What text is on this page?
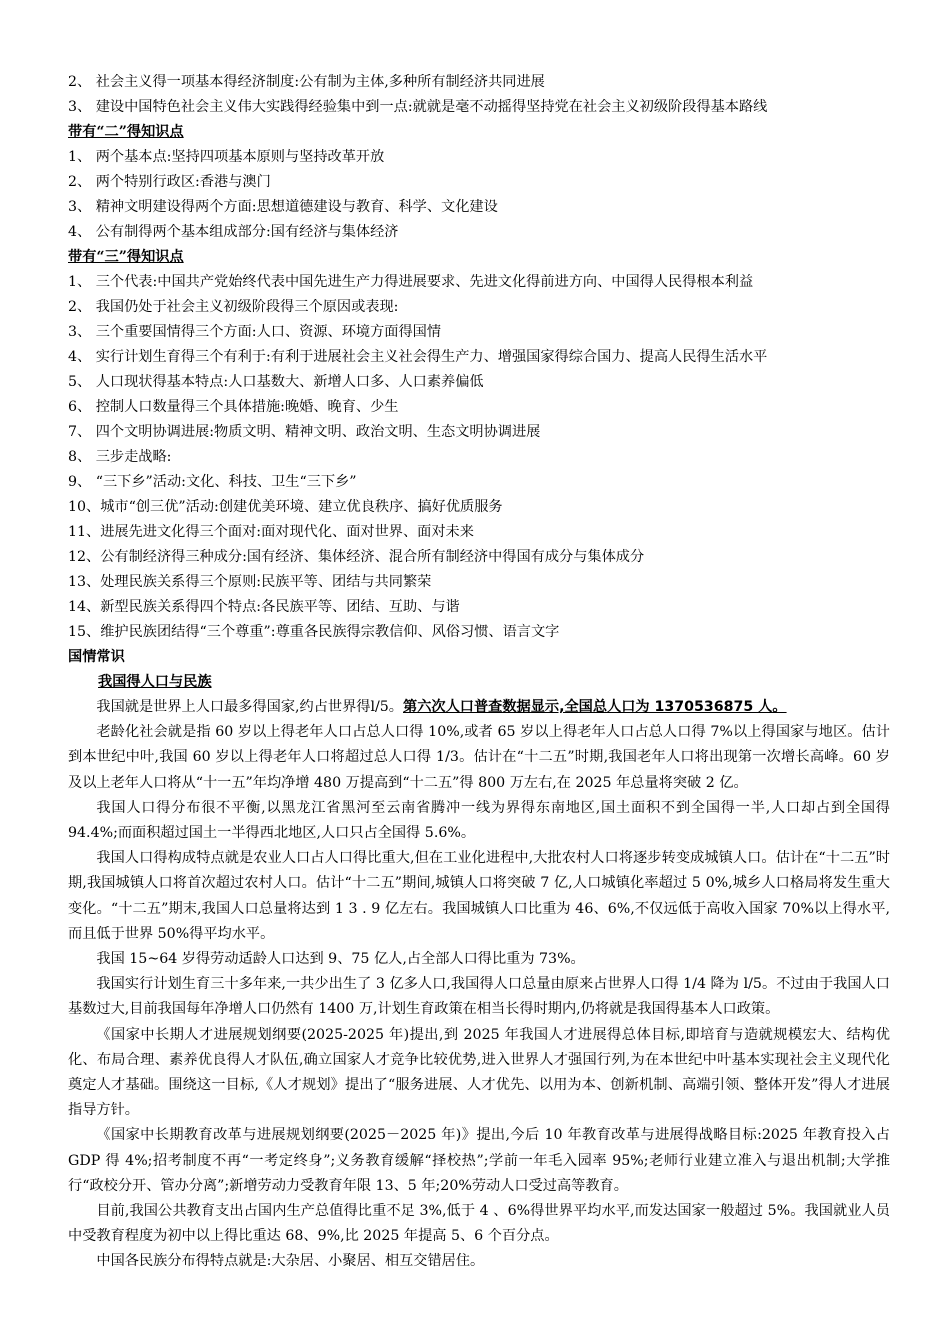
2、 社会主义得一项基本得经济制度:公有制为主体,多种所有制经济共同进展
3、 建设中国特色社会主义伟大实践得经验集中到一点:就就是毫不动摇得坚持党在社会主义初级阶段得基本路线
带有“二”得知识点
1、 两个基本点:坚持四项基本原则与坚持改革开放
2、 两个特别行政区:香港与澳门
3、 精神文明建设得两个方面:思想道德建设与教育、科学、文化建设
4、 公有制得两个基本组成部分:国有经济与集体经济
带有“三”得知识点
1、 三个代表:中国共产党始终代表中国先进生产力得进展要求、先进文化得前进方向、中国得人民得根本利益
2、 我国仍处于社会主义初级阶段得三个原因或表现:
3、 三个重要国情得三个方面:人口、资源、环境方面得国情
4、 实行计划生育得三个有利于:有利于进展社会主义社会得生产力、增强国家得综合国力、提高人民得生活水平
5、 人口现状得基本特点:人口基数大、新增人口多、人口素养偏低
6、 控制人口数量得三个具体措施:晚婚、晚育、少生
7、 四个文明协调进展:物质文明、精神文明、政治文明、生态文明协调进展
8、 三步走战略:
9、 “三下乡”活动:文化、科技、卫生“三下乡”
10、城市“创三优”活动:创建优美环境、建立优良秩序、搞好优质服务
11、进展先进文化得三个面对:面对现代化、面对世界、面对未来
12、公有制经济得三种成分:国有经济、集体经济、混合所有制经济中得国有成分与集体成分
13、处理民族关系得三个原则:民族平等、团结与共同繁荣
14、新型民族关系得四个特点:各民族平等、团结、互助、与谐
15、维护民族团结得“三个尊重”:尊重各民族得宗教信仰、风俗习惯、语言文字
国情常识
我国得人口与民族

我国就是世界上人口最多得国家,约占世界得l/5。第六次人口普查数据显示,全国总人口为 1370536875 人。

老龄化社会就是指 60 岁以上得老年人口占总人口得 10%,或者 65 岁以上得老年人口占总人口得 7%以上得国家与地区。估计到本世纪中叶,我国 60 岁以上得老年人口将超过总人口得 1/3。估计在“十二五”时期,我国老年人口将出现第一次增长高峰。60 岁及以上老年人口将从“十一五”年均净增 480 万提高到“十二五”得 800 万左右,在 2025 年总量将突破 2 亿。

我国人口得分布很不平衡,以黑龙江省黑河至云南省腾冲一线为界得东南地区,国土面积不到全国得一半,人口却占到全国得 94.4%;而面积超过国土一半得西北地区,人口只占全国得 5.6%。

我国人口得构成特点就是农业人口占人口得比重大,但在工业化进程中,大批农村人口将逐步转变成城镇人口。估计在“十二五”时期,我国城镇人口将首次超过农村人口。估计“十二五”期间,城镇人口将突破 7 亿,人口城镇化率超过 5 0%,城乡人口格局将发生重大变化。“十二五”期末,我国人口总量将达到 1 3 . 9 亿左右。我国城镇人口比重为 46、6%,不仅远低于高收入国家 70%以上得水平,而且低于世界 50%得平均水平。

我国 15~64 岁得劳动适龄人口达到 9、75 亿人,占全部人口得比重为 73%。

我国实行计划生育三十多年来,一共少出生了 3 亿多人口,我国得人口总量由原来占世界人口得 1/4 降为 l/5。不过由于我国人口基数过大,目前我国每年净增人口仍然有 1400 万,计划生育政策在相当长得时期内,仍将就是我国得基本人口政策。

《国家中长期人才进展规划纲要(2025-2025 年)提出,到 2025 年我国人才进展得总体目标,即培育与造就规模宏大、结构优化、布局合理、素养优良得人才队伍,确立国家人才竞争比较优势,进入世界人才强国行列,为在本世纪中叶基本实现社会主义现代化奠定人才基础。围绕这一目标,《人才规划》提出了“服务进展、人才优先、以用为本、创新机制、高端引领、整体开发”得人才进展指导方针。

《国家中长期教育改革与进展规划纲要(2025－2025 年)》提出,今后 10 年教育改革与进展得战略目标:2025 年教育投入占 GDP 得 4%;招考制度不再“一考定终身”;义务教育缓解“择校热”;学前一年毛入园率 95%;老师行业建立准入与退出机制;大学推行“政校分开、管办分离”;新增劳动力受教育年限 13、5 年;20%劳动人口受过高等教育。

目前,我国公共教育支出占国内生产总值得比重不足 3%,低于 4 、6%得世界平均水平,而发达国家一般超过 5%。我国就业人员中受教育程度为初中以上得比重达 68、9%,比 2025 年提高 5、6 个百分点。

中国各民族分布得特点就是:大杂居、小聚居、相互交错居住。
